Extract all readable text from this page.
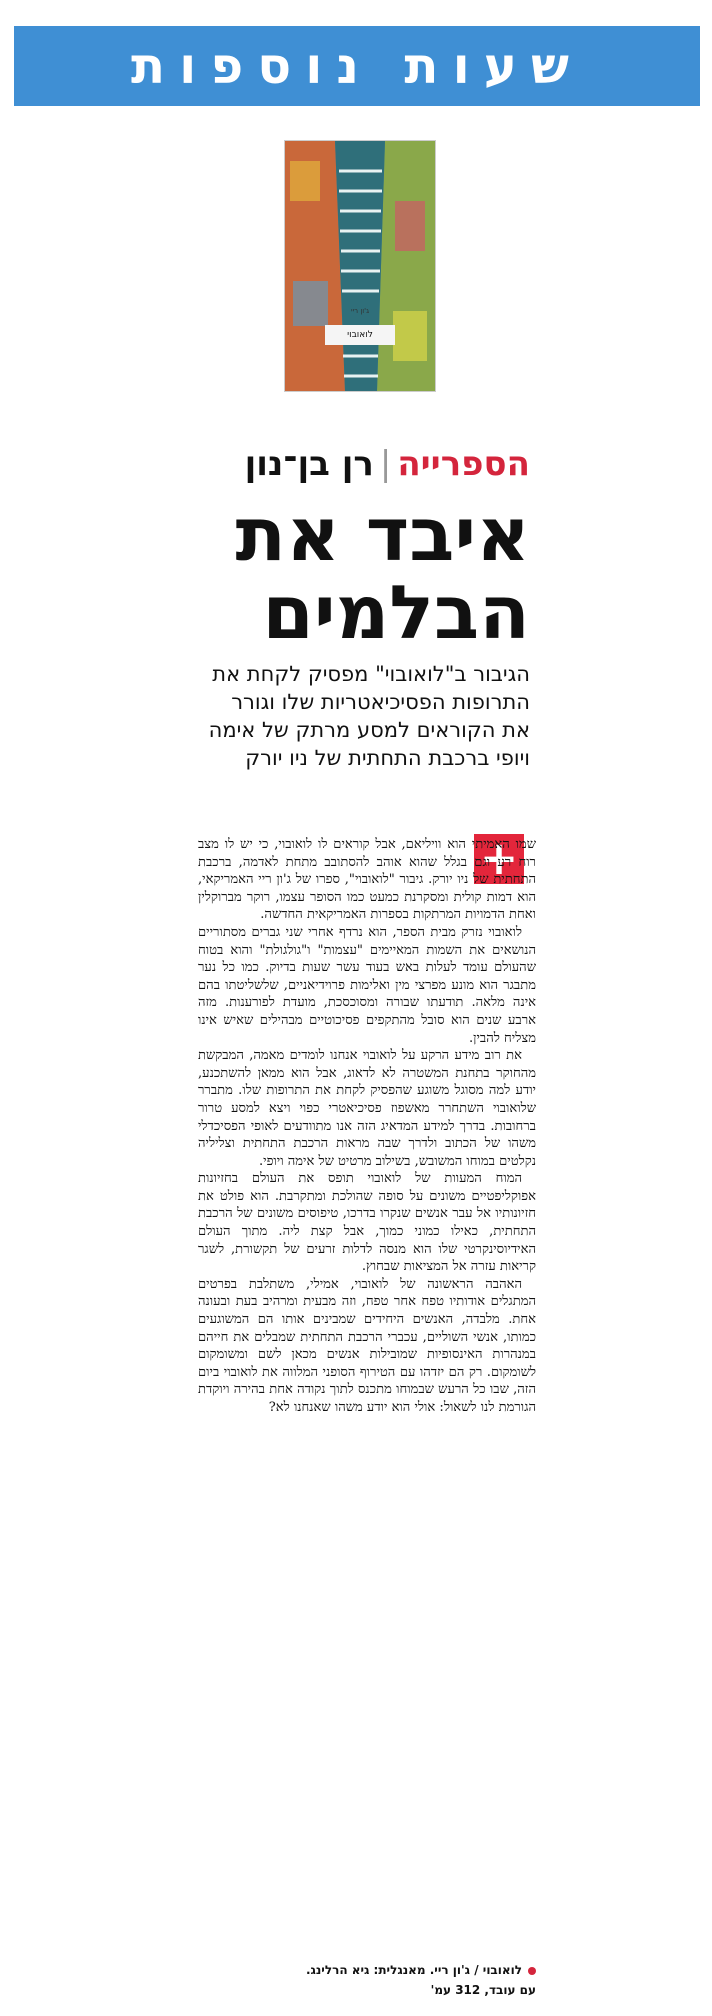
שעות נוספות
ג'ון ריי
לואובוי
הספרייה|רן בן־נון
איבד את הבלמים
הגיבור ב"לואובוי" מפסיק לקחת את התרופות הפסיכיאטריות שלו וגורר את הקוראים למסע מרתק של אימה ויופי ברכבת התחתית של ניו יורק
+

שמו האמיתי הוא וויליאם, אבל קוראים לו לואובוי, כי יש לו מצב רוח רע וגם בגלל שהוא אוהב להסתובב מתחת לאדמה, ברכבת התחתית של ניו יורק. גיבור "לואובוי", ספרו של ג'ון ריי האמריקאי, הוא דמות קולית ומסקרנת כמעט כמו הסופר עצמו, רוקר מברוקלין ואחת הדמויות המרתקות בספרות האמריקאית החדשה.

לואובוי נזרק מבית הספר, הוא נרדף אחרי שני גברים מסתוריים הנושאים את השמות המאיימים "עצמות" ו"גולגולת" והוא בטוח שהעולם עומד לעלות באש בעוד עשר שעות בדיוק. כמו כל נער מתבגר הוא מונע מפרצי מין ואלימות פרוידיאניים, שלשליטתו בהם אינה מלאה. תודעתו שבורה ומסוכסכת, מועדת לפורענות. מזה ארבע שנים הוא סובל מהתקפים פסיכוטיים מבהילים שאיש אינו מצליח להבין.

את רוב מידע הרקע על לואובוי אנחנו לומדים מאמה, המבקשת מהחוקר בתחנת המשטרה לא לדאוג, אבל הוא ממאן להשתכנע, יודע למה מסוגל משוגע שהפסיק לקחת את התרופות שלו. מתברר שלואובוי השתחרר מאשפוז פסיכיאטרי כפוי ויצא למסע טרור ברחובות. בדרך למידע המדאיג הזה אנו מתוודעים לאופי הפסיכדלי משהו של הכתוב ולדרך שבה מראות הרכבת התחתית וצליליה נקלטים במוחו המשובש, בשילוב מרטיט של אימה ויופי.

המוח המעוות של לואובוי תופס את העולם בחזיונות אפוקליפטיים משונים על סופה שהולכת ומתקרבת. הוא פולט את חזיונותיו אל עבר אנשים שנקרו בדרכו, טיפוסים משונים של הרכבת התחתית, כאילו כמוני כמוך, אבל קצת ליה. מתוך העולם האידיוסינקרטי שלו הוא מנסה לדלות זרעים של תקשורת, לשגר קריאות עזרה אל המציאות שבחוץ.

האהבה הראשונה של לואובוי, אמילי, משתלבת בפרטים המתגלים אודותיו טפח אחר טפח, וזה מבעית ומרהיב בעת ובעונה אחת. מלבדה, האנשים היחידים שמבינים אותו הם המשוגעים כמותו, אנשי השוליים, עכברי הרכבת התחתית שמבלים את חייהם במנהרות האינסופיות שמובילות אנשים מכאן לשם ומשומקום לשומקום. רק הם יזדהו עם הטירוף הסופני המלווה את לואובוי ביום הזה, שבו כל הרעש שבמוחו מתכנס לתוך נקודה אחת בהירה ויוקדת הגורמת לנו לשאול: אולי הוא יודע משהו שאנחנו לא?

לואובוי / ג'ון ריי. מאנגלית: גיא הרלינג.
עם עובד, 312 עמ'
